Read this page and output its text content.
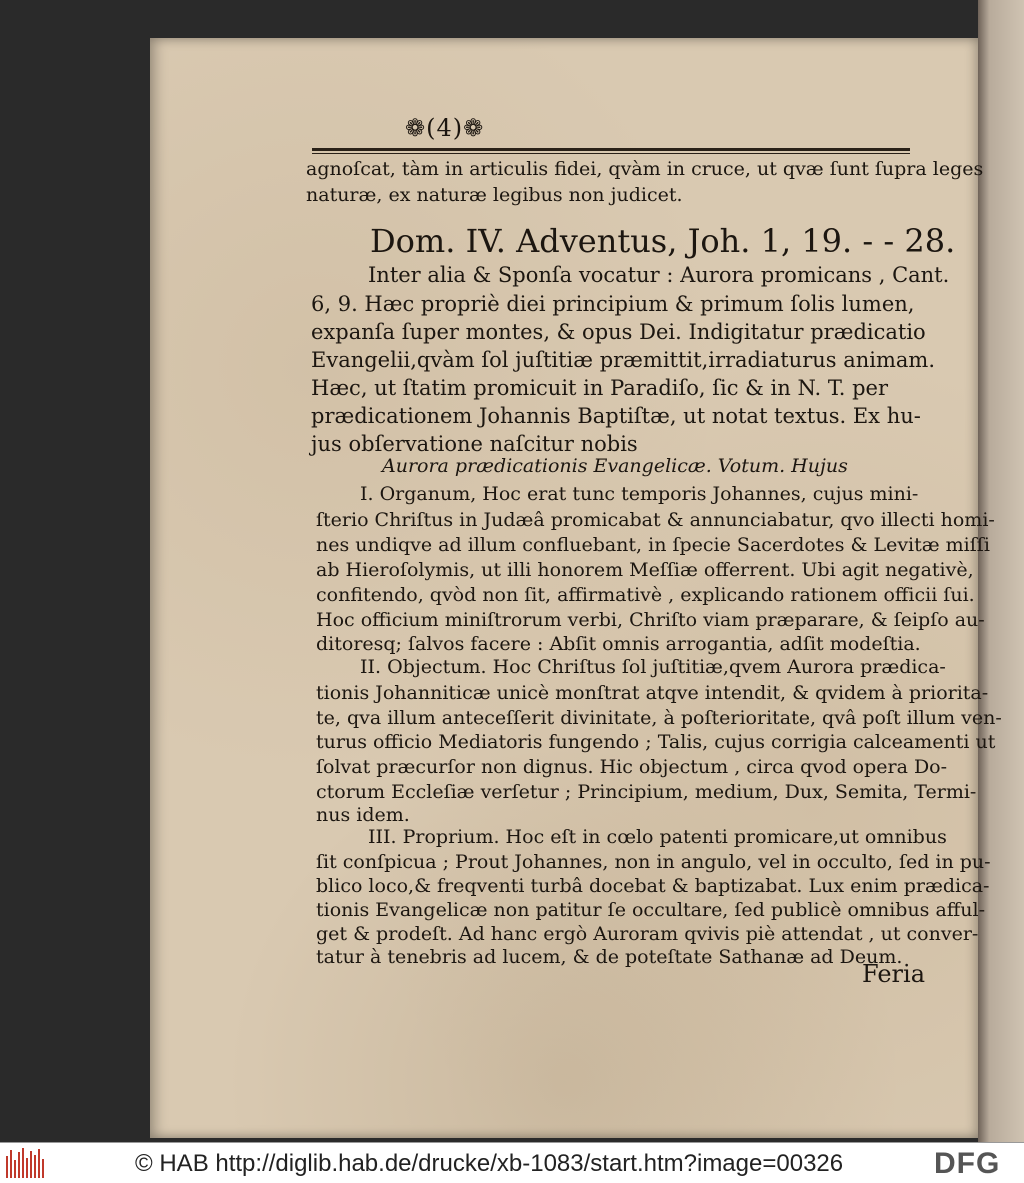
❁(4)❁
agnoſcat, tàm in articulis fidei, qvàm in cruce, ut qvæ ſunt ſupra leges
naturæ, ex naturæ legibus non judicet.
Dom. IV. Adventus, Joh. 1, 19. - - 28.
Inter alia & Sponſa vocatur : Aurora promicans , Cant.
6, 9. Hæc propriè diei principium & primum ſolis lumen,
expanſa ſuper montes, & opus Dei. Indigitatur prædicatio
Evangelii,qvàm ſol juſtitiæ præmittit,irradiaturus animam.
Hæc, ut ſtatim promicuit in Paradiſo, ſic & in N. T. per
prædicationem Johannis Baptiſtæ, ut notat textus. Ex hu-
jus obſervatione naſcitur nobis
Aurora prædicationis Evangelicæ. Votum. Hujus
I. Organum, Hoc erat tunc temporis Johannes, cujus mini-
ſterio Chriſtus in Judæâ promicabat & annunciabatur, qvo illecti homi-
nes undiqve ad illum confluebant, in ſpecie Sacerdotes & Levitæ miſſi
ab Hieroſolymis, ut illi honorem Meſſiæ offerrent. Ubi agit negativè,
confitendo, qvòd non ſit, affirmativè , explicando rationem officii ſui.
Hoc officium miniſtrorum verbi, Chriſto viam præparare, & ſeipſo au-
ditoresq; ſalvos facere : Abſit omnis arrogantia, adſit modeſtia.
II. Objectum. Hoc Chriſtus ſol juſtitiæ,qvem Aurora prædica-
tionis Johanniticæ unicè monſtrat atqve intendit, & qvidem à priorita-
te, qva illum anteceſſerit divinitate, à poſterioritate, qvâ poſt illum ven-
turus officio Mediatoris fungendo ; Talis, cujus corrigia calceamenti ut
ſolvat præcurſor non dignus. Hic objectum , circa qvod opera Do-
ctorum Eccleſiæ verſetur ; Principium, medium, Dux, Semita, Termi-
nus idem.
III. Proprium. Hoc eſt in cœlo patenti promicare,ut omnibus
ſit conſpicua ; Prout Johannes, non in angulo, vel in occulto, ſed in pu-
blico loco,& freqventi turbâ docebat & baptizabat. Lux enim prædica-
tionis Evangelicæ non patitur ſe occultare, ſed publicè omnibus afful-
get & prodeſt. Ad hanc ergò Auroram qvivis piè attendat , ut conver-
tatur à tenebris ad lucem, & de poteſtate Sathanæ ad Deum.
Feria
© HAB http://diglib.hab.de/drucke/xb-1083/start.htm?image=00326	DFG
